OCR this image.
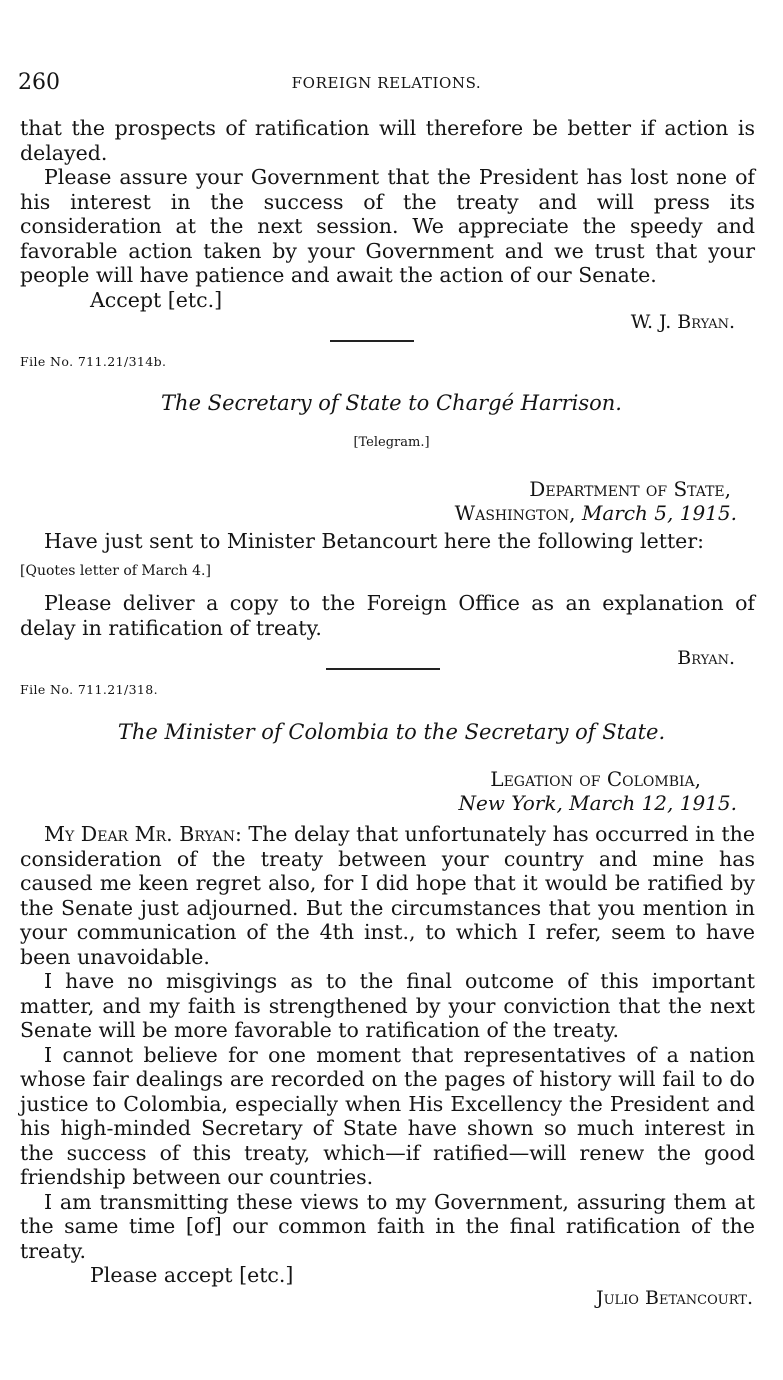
260	FOREIGN RELATIONS.

that the prospects of ratification will therefore be better if action is delayed.

Please assure your Government that the President has lost none of his interest in the success of the treaty and will press its consideration at the next session. We appreciate the speedy and favorable action taken by your Government and we trust that your people will have patience and await the action of our Senate.

Accept [etc.]

W. J. Bryan.

File No. 711.21/314b.
The Secretary of State to Chargé Harrison.
[Telegram.]
Department of State,
Washington, March 5, 1915.

Have just sent to Minister Betancourt here the following letter:

[Quotes letter of March 4.]

Please deliver a copy to the Foreign Office as an explanation of delay in ratification of treaty.

Bryan.

File No. 711.21/318.
The Minister of Colombia to the Secretary of State.
Legation of Colombia,
New York, March 12, 1915.

My Dear Mr. Bryan: The delay that unfortunately has occurred in the consideration of the treaty between your country and mine has caused me keen regret also, for I did hope that it would be ratified by the Senate just adjourned. But the circumstances that you mention in your communication of the 4th inst., to which I refer, seem to have been unavoidable.

I have no misgivings as to the final outcome of this important matter, and my faith is strengthened by your conviction that the next Senate will be more favorable to ratification of the treaty.

I cannot believe for one moment that representatives of a nation whose fair dealings are recorded on the pages of history will fail to do justice to Colombia, especially when His Excellency the President and his high-minded Secretary of State have shown so much interest in the success of this treaty, which—if ratified—will renew the good friendship between our countries.

I am transmitting these views to my Government, assuring them at the same time [of] our common faith in the final ratification of the treaty.

Please accept [etc.]

Julio Betancourt.
